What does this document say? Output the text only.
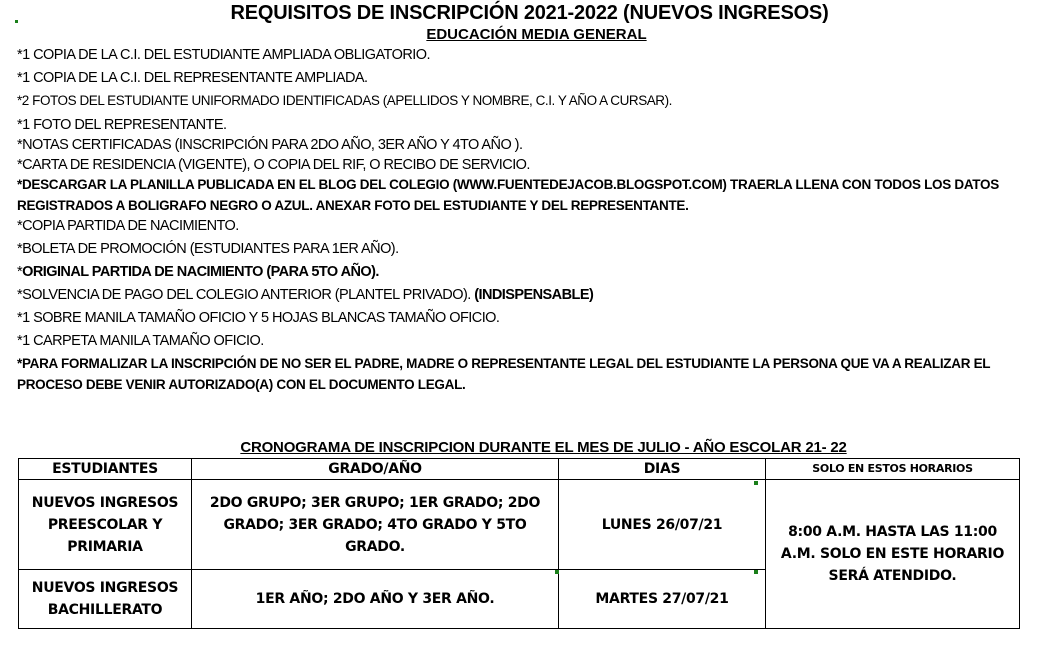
REQUISITOS DE INSCRIPCIÓN 2021-2022 (NUEVOS INGRESOS)
EDUCACIÓN MEDIA GENERAL
*1 COPIA DE LA C.I. DEL ESTUDIANTE AMPLIADA OBLIGATORIO.
*1 COPIA DE LA C.I. DEL REPRESENTANTE AMPLIADA.
*2 FOTOS DEL ESTUDIANTE UNIFORMADO IDENTIFICADAS (APELLIDOS Y NOMBRE, C.I. Y AÑO A CURSAR).
*1 FOTO DEL REPRESENTANTE.
*NOTAS CERTIFICADAS (INSCRIPCIÓN PARA 2DO AÑO, 3ER AÑO Y 4TO AÑO ).
*CARTA DE RESIDENCIA (VIGENTE), O COPIA DEL RIF, O RECIBO DE SERVICIO.
*DESCARGAR LA PLANILLA PUBLICADA EN EL BLOG DEL COLEGIO (WWW.FUENTEDEJACOB.BLOGSPOT.COM) TRAERLA LLENA CON TODOS LOS DATOS REGISTRADOS A BOLIGRAFO NEGRO O AZUL. ANEXAR FOTO DEL ESTUDIANTE Y DEL REPRESENTANTE.
*COPIA PARTIDA DE NACIMIENTO.
*BOLETA DE PROMOCIÓN (ESTUDIANTES PARA 1ER AÑO).
*ORIGINAL PARTIDA DE NACIMIENTO (PARA 5TO AÑO).
*SOLVENCIA DE PAGO DEL COLEGIO ANTERIOR (PLANTEL PRIVADO). (INDISPENSABLE)
*1 SOBRE MANILA TAMAÑO OFICIO Y 5 HOJAS BLANCAS TAMAÑO OFICIO.
*1 CARPETA MANILA TAMAÑO OFICIO.
*PARA FORMALIZAR LA INSCRIPCIÓN DE NO SER EL PADRE, MADRE O REPRESENTANTE LEGAL DEL ESTUDIANTE LA PERSONA QUE VA A REALIZAR EL PROCESO DEBE VENIR AUTORIZADO(A) CON EL DOCUMENTO LEGAL.
CRONOGRAMA DE INSCRIPCION DURANTE EL MES DE JULIO - AÑO ESCOLAR 21- 22
ESTUDIANTES	GRADO/AÑO	DIAS	SOLO EN ESTOS HORARIOS
NUEVOS INGRESOS PREESCOLAR Y PRIMARIA	2DO GRUPO; 3ER GRUPO; 1ER GRADO; 2DO GRADO; 3ER GRADO; 4TO GRADO Y 5TO GRADO.	LUNES 26/07/21	8:00 A.M. HASTA LAS 11:00 A.M. SOLO EN ESTE HORARIO SERÁ ATENDIDO.
NUEVOS INGRESOS BACHILLERATO	1ER AÑO; 2DO AÑO Y 3ER AÑO.	MARTES 27/07/21	
